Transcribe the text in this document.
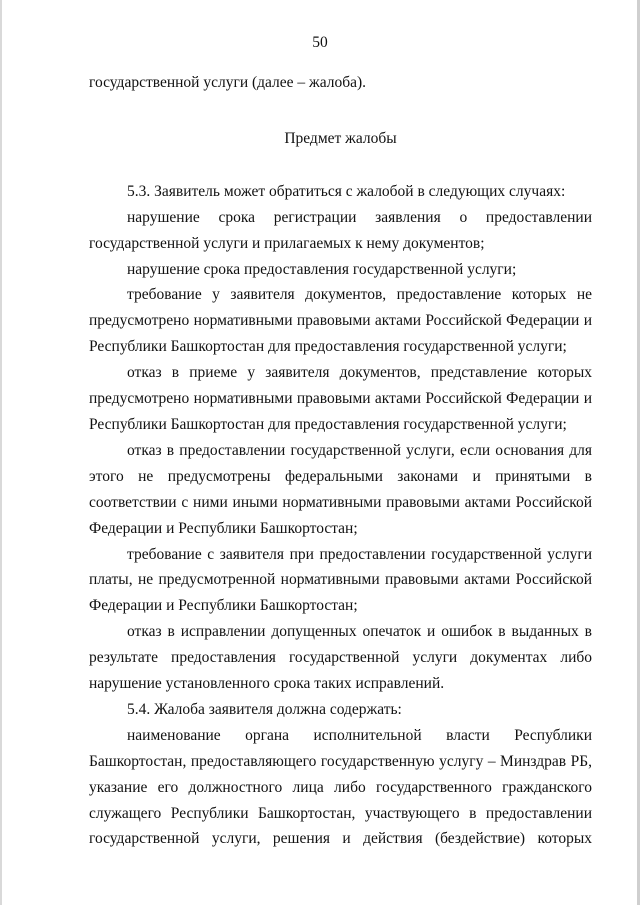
50

государственной услуги (далее – жалоба).

Предмет жалобы

5.3. Заявитель может обратиться с жалобой в следующих случаях:

нарушение срока регистрации заявления о предоставлении государственной услуги и прилагаемых к нему документов;

нарушение срока предоставления государственной услуги;

требование у заявителя документов, предоставление которых не предусмотрено нормативными правовыми актами Российской Федерации и Республики Башкортостан для предоставления государственной услуги;

отказ в приеме у заявителя документов, представление которых предусмотрено нормативными правовыми актами Российской Федерации и Республики Башкортостан для предоставления государственной услуги;

отказ в предоставлении государственной услуги, если основания для этого не предусмотрены федеральными законами и принятыми в соответствии с ними иными нормативными правовыми актами Российской Федерации и Республики Башкортостан;

требование с заявителя при предоставлении государственной услуги платы, не предусмотренной нормативными правовыми актами Российской Федерации и Республики Башкортостан;

отказ в исправлении допущенных опечаток и ошибок в выданных в результате предоставления государственной услуги документах либо нарушение установленного срока таких исправлений.

5.4. Жалоба заявителя должна содержать:

наименование органа исполнительной власти Республики Башкортостан, предоставляющего государственную услугу – Минздрав РБ, указание его должностного лица либо государственного гражданского служащего Республики Башкортостан, участвующего в предоставлении государственной услуги, решения и действия (бездействие) которых
